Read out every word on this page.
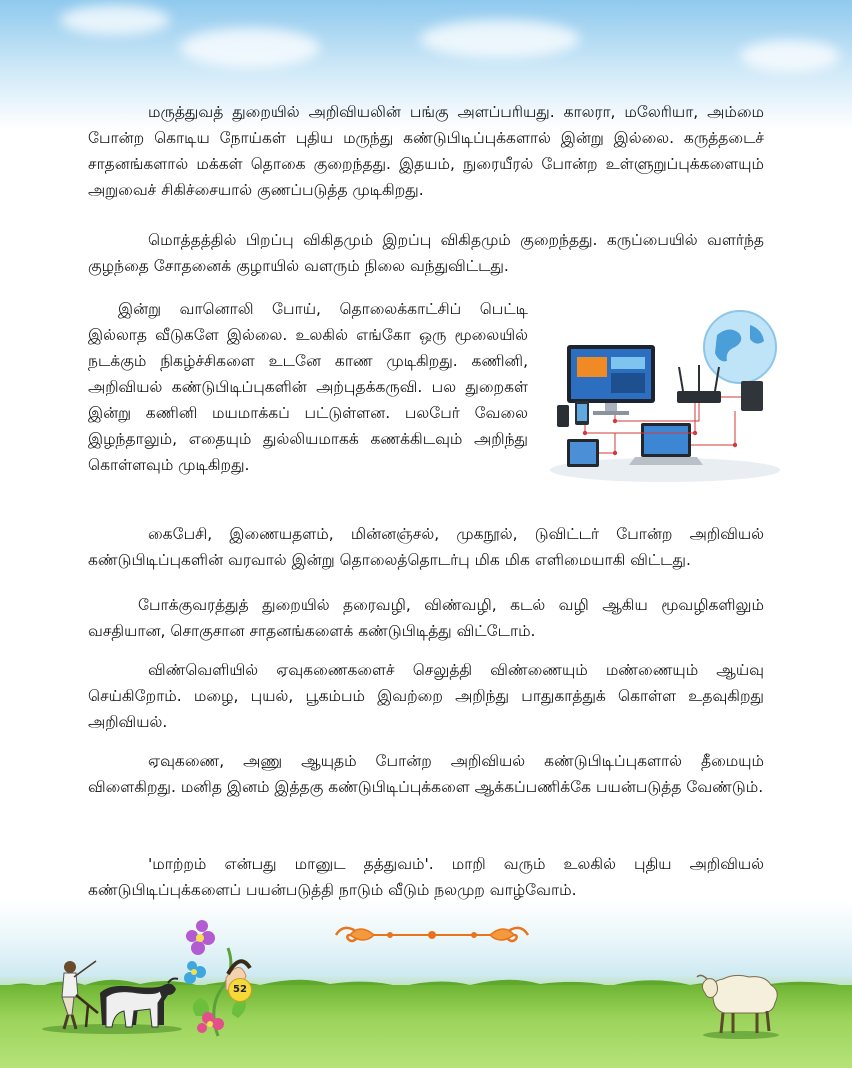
மருத்துவத் துறையில் அறிவியலின் பங்கு அளப்பரியது. காலரா, மலேரியா, அம்மை போன்ற கொடிய நோய்கள் புதிய மருந்து கண்டுபிடிப்புக்களால் இன்று இல்லை. கருத்தடைச் சாதனங்களால் மக்கள் தொகை குறைந்தது. இதயம், நுரையீரல் போன்ற உள்ளுறுப்புக்களையும் அறுவைச் சிகிச்சையால் குணப்படுத்த முடிகிறது.

மொத்தத்தில் பிறப்பு விகிதமும் இறப்பு விகிதமும் குறைந்தது. கருப்பையில் வளர்ந்த குழந்தை சோதனைக் குழாயில் வளரும் நிலை வந்துவிட்டது.

இன்று வானொலி போய், தொலைக்காட்சிப் பெட்டி இல்லாத வீடுகளே இல்லை. உலகில் எங்கோ ஒரு மூலையில் நடக்கும் நிகழ்ச்சிகளை உடனே காண முடிகிறது. கணினி, அறிவியல் கண்டுபிடிப்புகளின் அற்புதக்கருவி. பல துறைகள் இன்று கணினி மயமாக்கப் பட்டுள்ளன. பலபேர் வேலை இழந்தாலும், எதையும் துல்லியமாகக் கணக்கிடவும் அறிந்து கொள்ளவும் முடிகிறது.

கைபேசி, இணையதளம், மின்னஞ்சல், முகநூல், டுவிட்டர் போன்ற அறிவியல் கண்டுபிடிப்புகளின் வரவால் இன்று தொலைத்தொடர்பு மிக மிக எளிமையாகி விட்டது.

போக்குவரத்துத் துறையில் தரைவழி, விண்வழி, கடல் வழி ஆகிய மூவழிகளிலும் வசதியான, சொகுசான சாதனங்களைக் கண்டுபிடித்து விட்டோம்.

விண்வெளியில் ஏவுகணைகளைச் செலுத்தி விண்ணையும் மண்ணையும் ஆய்வு செய்கிறோம். மழை, புயல், பூகம்பம் இவற்றை அறிந்து பாதுகாத்துக் கொள்ள உதவுகிறது அறிவியல்.

ஏவுகணை, அணு ஆயுதம் போன்ற அறிவியல் கண்டுபிடிப்புகளால் தீமையும் விளைகிறது. மனித இனம் இத்தகு கண்டுபிடிப்புக்களை ஆக்கப்பணிக்கே பயன்படுத்த வேண்டும்.

'மாற்றம் என்பது மானுட தத்துவம்'. மாறி வரும் உலகில் புதிய அறிவியல் கண்டுபிடிப்புக்களைப் பயன்படுத்தி நாடும் வீடும் நலமுற வாழ்வோம்.

52
